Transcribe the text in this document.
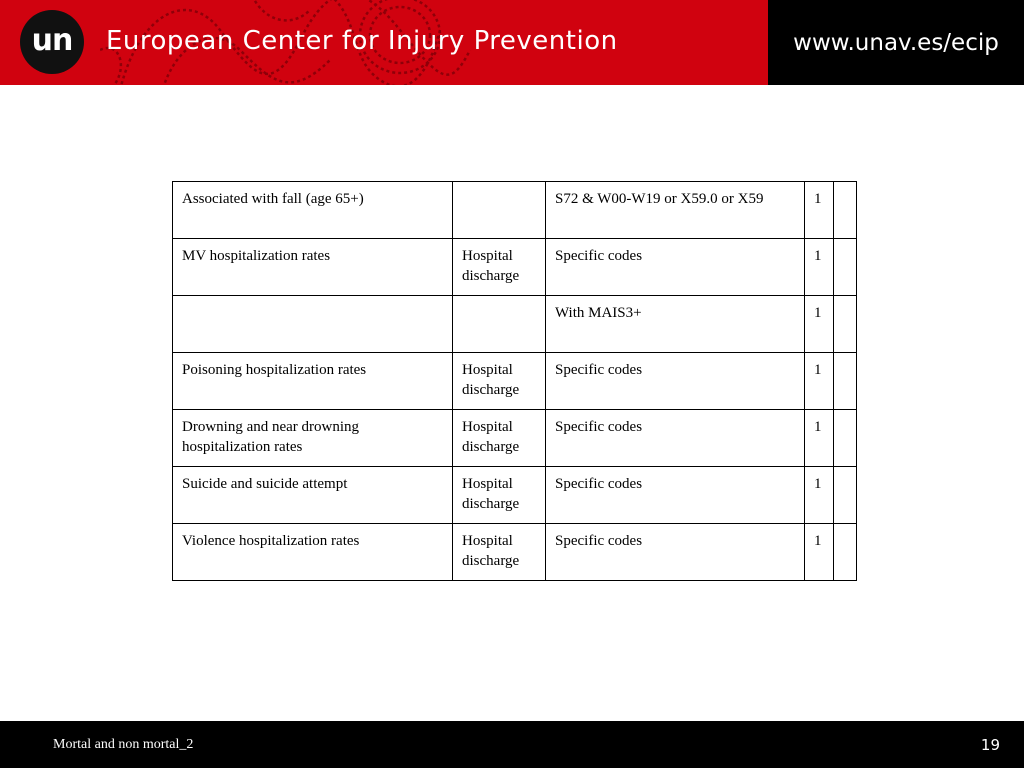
un European Center for Injury Prevention	www.unav.es/ecip
Associated with fall (age 65+)		S72 & W00-W19 or X59.0 or X59	1	
MV hospitalization rates	Hospital discharge	Specific codes	1	
		With MAIS3+	1	
Poisoning hospitalization rates	Hospital discharge	Specific codes	1	
Drowning and near drowning hospitalization rates	Hospital discharge	Specific codes	1	
Suicide and suicide attempt	Hospital discharge	Specific codes	1	
Violence hospitalization rates	Hospital discharge	Specific codes	1	
Mortal and non mortal_2	19
